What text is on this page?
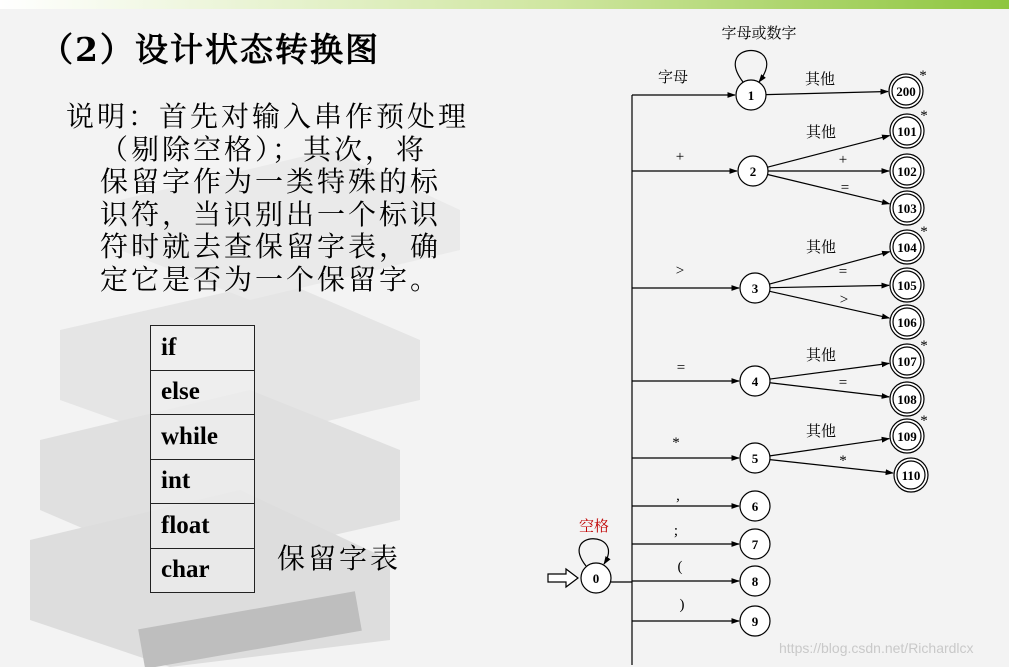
（2）设计状态转换图
说明：首先对输入串作预处理
（剔除空格）；其次，将
保留字作为一类特殊的标
识符，当识别出一个标识
符时就去查保留字表，确
定它是否为一个保留字。
if
else
while
int
float
char 保留字表
0
1
2
3
4
5
6
7
8
9
200
*
101
*
102
103
104
*
105
106
107
*
108
109
*
110
字母
字母或数字
其他
+
其他
+
=
>
其他
=
>
=
其他
=
*
其他
*
,
;
(
)
空格
https://blog.csdn.net/Richardlcx
